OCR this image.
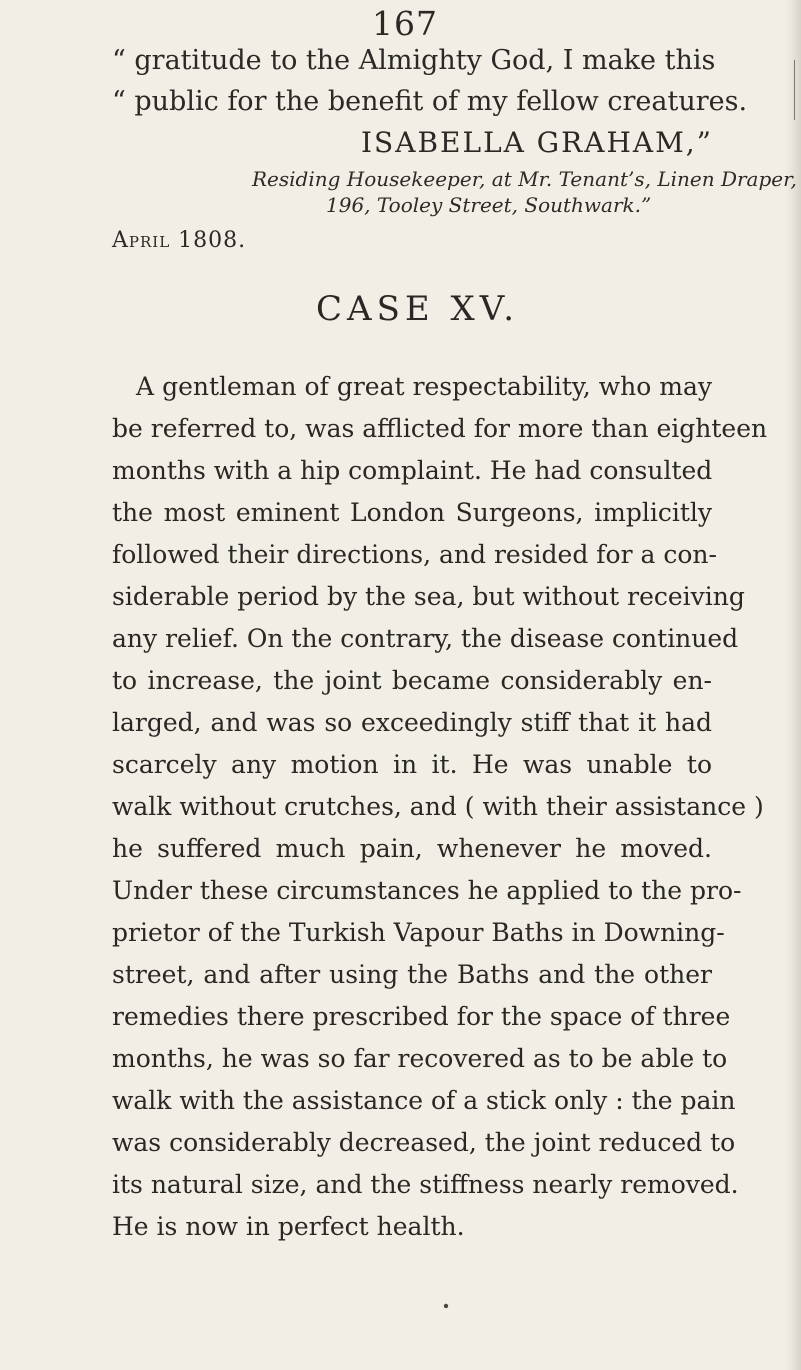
167
“ gratitude to the Almighty God, I make this
“ public for the benefit of my fellow creatures.
ISABELLA GRAHAM,”
Residing Housekeeper, at Mr. Tenant’s, Linen Draper,
196, Tooley Street, Southwark.”
April 1808.
CASE XV.
A gentleman of great respectability, who may
be referred to, was afflicted for more than eighteen
months with a hip complaint. He had consulted
the most eminent London Surgeons, implicitly
followed their directions, and resided for a con-
siderable period by the sea, but without receiving
any relief. On the contrary, the disease continued
to increase, the joint became considerably en-
larged, and was so exceedingly stiff that it had
scarcely any motion in it. He was unable to
walk without crutches, and ( with their assistance )
he suffered much pain, whenever he moved.
Under these circumstances he applied to the pro-
prietor of the Turkish Vapour Baths in Downing-
street, and after using the Baths and the other
remedies there prescribed for the space of three
months, he was so far recovered as to be able to
walk with the assistance of a stick only : the pain
was considerably decreased, the joint reduced to
its natural size, and the stiffness nearly removed.
He is now in perfect health.
